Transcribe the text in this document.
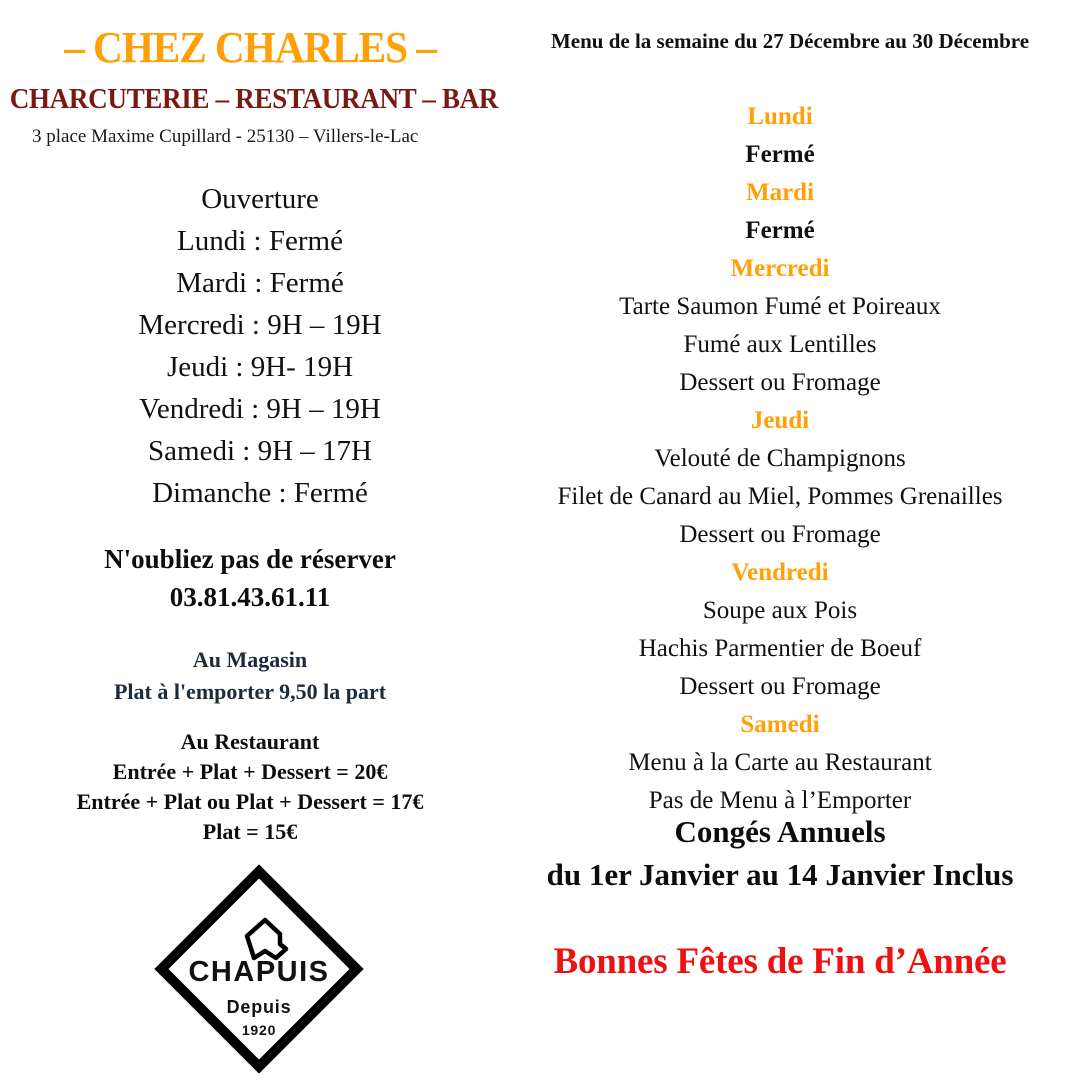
– CHEZ CHARLES –
CHARCUTERIE – RESTAURANT – BAR
3 place Maxime Cupillard - 25130 – Villers-le-Lac
Ouverture
Lundi : Fermé
Mardi : Fermé
Mercredi : 9H – 19H
Jeudi : 9H- 19H
Vendredi : 9H – 19H
Samedi : 9H – 17H
Dimanche : Fermé
N'oubliez pas de réserver
03.81.43.61.11
Au Magasin
Plat à l'emporter 9,50 la part
Au Restaurant
Entrée + Plat + Dessert = 20€
Entrée + Plat ou Plat + Dessert = 17€
Plat = 15€
CHAPUIS
Depuis
1920
Menu de la semaine du 27 Décembre au 30 Décembre
Lundi
Fermé
Mardi
Fermé
Mercredi
Tarte Saumon Fumé et Poireaux
Fumé aux Lentilles
Dessert ou Fromage
Jeudi
Velouté de Champignons
Filet de Canard au Miel, Pommes Grenailles
Dessert ou Fromage
Vendredi
Soupe aux Pois
Hachis Parmentier de Boeuf
Dessert ou Fromage
Samedi
Menu à la Carte au Restaurant
Pas de Menu à l’Emporter
Congés Annuels
du 1er Janvier au 14 Janvier Inclus
Bonnes Fêtes de Fin d’Année
